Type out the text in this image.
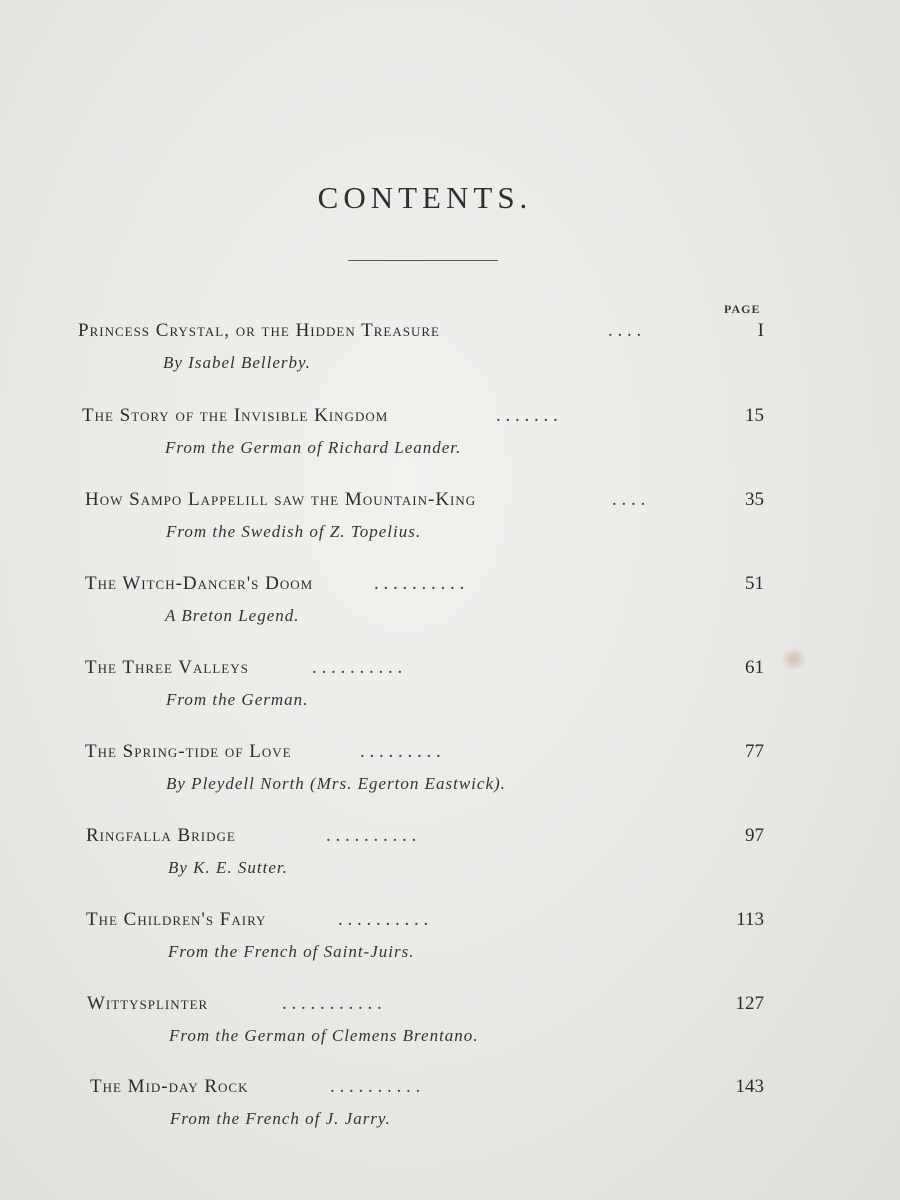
CONTENTS.
PAGE
Princess Crystal, or the Hidden Treasure	. . . .	I
By Isabel Bellerby.
The Story of the Invisible Kingdom	. . . . . . .	15
From the German of Richard Leander.
How Sampo Lappelill saw the Mountain-King	. . . .	35
From the Swedish of Z. Topelius.
The Witch-Dancer's Doom	. . . . . . . . . .	51
A Breton Legend.
The Three Valleys	. . . . . . . . . .	61
From the German.
The Spring-tide of Love	. . . . . . . . .	77
By Pleydell North (Mrs. Egerton Eastwick).
Ringfalla Bridge	. . . . . . . . . .	97
By K. E. Sutter.
The Children's Fairy	. . . . . . . . . .	113
From the French of Saint-Juirs.
Wittysplinter	. . . . . . . . . . .	127
From the German of Clemens Brentano.
The Mid-day Rock	. . . . . . . . . .	143
From the French of J. Jarry.
